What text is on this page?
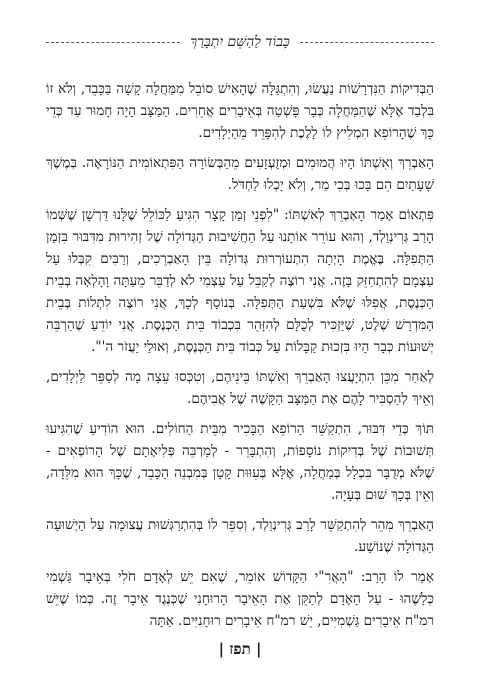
כָּבוֹד לַהַשֵּׁם יִתְבָּרַךְ

הַבְּדִיקוֹת הַנִּדְרָשׁוֹת נַעֲשׂוּ, וְהִתְגַּלָּה שֶׁהָאִישׁ סוֹבֵל מִמַּחֲלָה קָשָׁה בַּכָּבֵד, וְלֹא זוֹ בִּלְבַד אֶלָּא שֶׁהַמַּחֲלָה כְּבָר פָּשְׁטָה בְּאֵיבָרִים אֲחֵרִים. הַמַּצָּב הָיָה חָמוּר עַד כְּדֵי כָּךְ שֶׁהָרוֹפֵא הִמְלִיץ לוֹ לָלֶכֶת לְהִפָּרֵד מֵהַיְלָדִים.

הָאַבְרֵךְ וְאִשְׁתּוֹ הָיוּ הֲמוּמִים וּמְזֻעְזָעִים מֵהַבְּשׂוֹרָה הַפִּתְאוֹמִית הַנּוֹרָאָה. בְּמֶשֶׁךְ שָׁעָתַיִם הֵם בָּכוּ בְּכִי מַר, וְלֹא יָכְלוּ לַחְדֹּל.

פִּתְאוֹם אָמַר הָאַבְרֵךְ לְאִשְׁתּוֹ: "לִפְנֵי זְמַן קָצָר הִגִּיעַ לַכּוֹלֵל שֶׁלָּנוּ דַּרְשָׁן שֶׁשְּׁמוֹ הָרַב גְּרִינְוַלְד, וְהוּא עוֹרֵר אוֹתָנוּ עַל הַחֲשִׁיבוּת הַגְּדוֹלָה שֶׁל זְהִירוּת מִדִּבּוּר בִּזְמַן הַתְּפִלָּה. בֶּאֱמֶת הָיְתָה הִתְעוֹרְרוּת גְּדוֹלָה בֵּין הָאַבְרֵכִים, וְרַבִּים קִבְּלוּ עַל עַצְמָם לְהִתְחַזֵּק בָּזֶה. אֲנִי רוֹצֶה לְקַבֵּל עַל עַצְמִי לֹא לְדַבֵּר מֵעַתָּה וָהָלְאָה בְּבֵית הַכְּנֶסֶת, אֲפִלּוּ שֶׁלֹּא בִּשְׁעַת הַתְּפִלָּה. בְּנוֹסָף לְכָךְ, אֲנִי רוֹצֶה לִתְלוֹת בְּבֵית הַמִּדְרָשׁ שֶׁלֶט, שֶׁיַּזְכִּיר לְכֻלָּם לְהִזָּהֵר בִּכְבוֹד בֵּית הַכְּנֶסֶת. אֲנִי יוֹדֵעַ שֶׁהַרְבֵּה יְשׁוּעוֹת כְּבָר הָיוּ בִּזְכוּת קַבָּלוֹת עַל כְּבוֹד בֵּית הַכְּנֶסֶת, וְאוּלַי יַעֲזֹר ה'".

לְאַחַר מִכֵּן הִתְיָעֲצוּ הָאַבְרֵךְ וְאִשְׁתּוֹ בֵּינֵיהֶם, וְטִכְּסוּ עֵצָה מָה לְסַפֵּר לַיְלָדִים, וְאֵיךְ לְהַסְבִּיר לָהֶם אֶת הַמַּצָּב הַקָּשֶׁה שֶׁל אֲבִיהֶם.

תּוֹךְ כְּדֵי דִּבּוּר, הִתְקַשֵּׁר הָרוֹפֵא הַבָּכִיר מִבֵּית הַחוֹלִים. הוּא הוֹדִיעַ שֶׁהִגִּיעוּ תְּשׁוּבוֹת שֶׁל בְּדִיקוֹת נוֹסָפוֹת, וְהִתְבָּרֵר - לְמַרְבֵּה פְּלִיאָתָם שֶׁל הָרוֹפְאִים - שֶׁלֹּא מְדֻבָּר בִּכְלָל בְּמַחֲלָה, אֶלָּא בְּעִוּוּת קָטָן בְּמִבְנֵה הַכָּבֵד, שֶׁכָּךְ הוּא מִלֵּדָה, וְאֵין בְּכָךְ שׁוּם בְּעָיָה.

הָאַבְרֵךְ מִהֵר לְהִתְקַשֵּׁר לָרַב גְּרִינְוַלְד, וְסִפֵּר לוֹ בְּהִתְרַגְּשׁוּת עֲצוּמָה עַל הַיְשׁוּעָה הַגְּדוֹלָה שֶׁנּוֹשַׁע.

אָמַר לוֹ הָרַב: "הָאֲרִ"י הַקָּדוֹשׁ אוֹמֵר, שֶׁאִם יֵשׁ לְאָדָם חֹלִי בְּאֵיבָר גַּשְׁמִי כְּלָשֶׁהוּ - עַל הָאָדָם לְתַקֵּן אֶת הָאֵיבָר הָרוּחָנִי שֶׁכְּנֶגֶד אֵיבָר זֶה. כְּמוֹ שֶׁיֵּשׁ רמ"ח אֵיבָרִים גַּשְׁמִיִּים, יֵשׁ רמ"ח אֵיבָרִים רוּחָנִיִּים. אַתָּה

| תפז |
